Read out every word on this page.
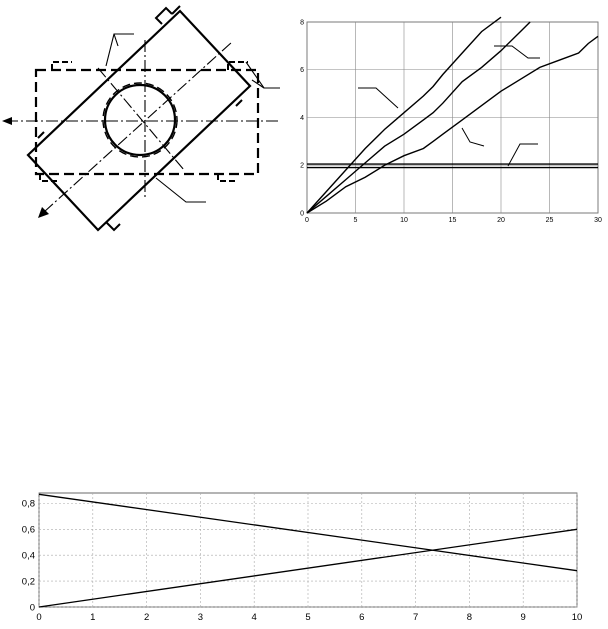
0	5	10	15	20	25	30
0
2
4
6
8
0	1	2	3	4	5	6	7	8	9	10
0
0,2
0,4
0,6
0,8
